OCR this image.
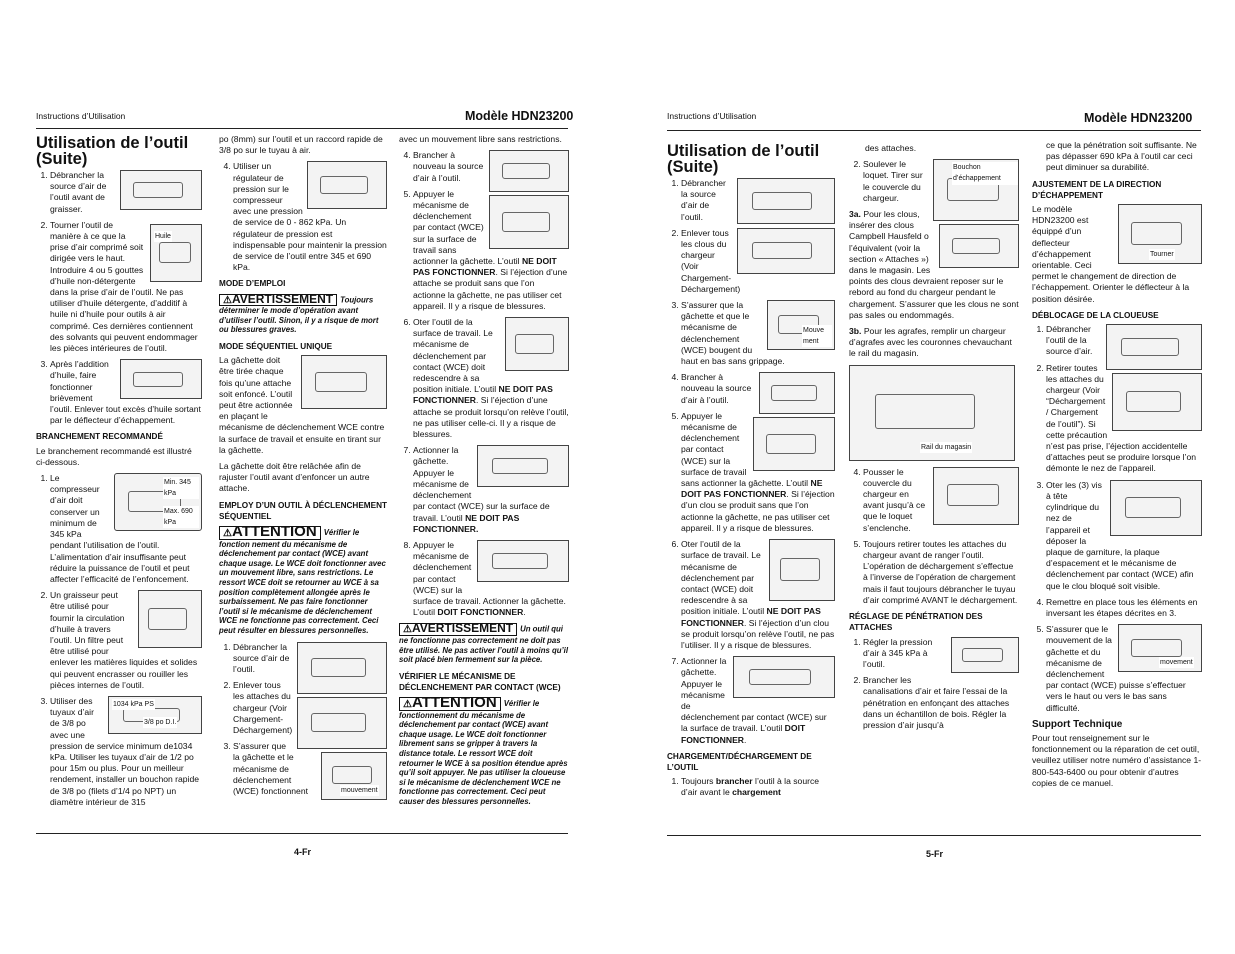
Instructions d’Utilisation	Modèle HDN23200
Utilisation de l’outil
(Suite)
1. Débrancher la source d’air de l’outil avant de graisser.
2. Huile
Tourner l’outil de manière à ce que la prise d’air comprimé soit dirigée vers le haut. Introduire 4 ou 5 gouttes d’huile non-détergente dans la prise d’air de l’outil. Ne pas utiliser d’huile détergente, d’additif à huile ni d’huile pour outils à air comprimé. Ces dernières contiennent des solvants qui peuvent endommager les pièces intérieures de l’outil.
3. Après l’addition d’huile, faire fonctionner brièvement l’outil. Enlever tout excès d’huile sortant par le déflecteur d’échappement.
BRANCHEMENT RECOMMANDÉ

Le branchement recommandé est illustré ci-dessous.

1. Min. 345 kPa
Max. 690 kPa
Le compresseur d’air doit conserver un minimum de 345 kPa pendant l’utilisation de l’outil. L’alimentation d’air insuffisante peut réduire la puissance de l’outil et peut affecter l’efficacité de l’enfoncement.
2. Un graisseur peut être utilisé pour fournir la circulation d’huile à travers l’outil. Un filtre peut être utilisé pour enlever les matières liquides et solides qui peuvent encrasser ou rouiller les pièces internes de l’outil.
3. 1034 kPa PS
3/8 po D.I.
Utiliser des tuyaux d’air de 3/8 po avec une pression de service minimum de1034 kPa. Utiliser les tuyaux d’air de 1/2 po pour 15m ou plus. Pour un meilleur rendement, installer un bouchon rapide de 3/8 po (filets d’1/4 po NPT) un diamètre intérieur de 315

po (8mm) sur l’outil et un raccord rapide de 3/8 po sur le tuyau à air.

4. Utiliser un régulateur de pression sur le compresseur avec une pression de service de 0 - 862 kPa. Un régulateur de pression est indispensable pour maintenir la pression de service de l’outil entre 345 et 690 kPa.
MODE D’EMPLOI
⚠AVERTISSEMENT Toujours déterminer le mode d’opération avant d’utiliser l’outil. Sinon, il y a risque de mort ou blessures graves.
MODE SÉQUENTIEL UNIQUE

La gâchette doit être tirée chaque fois qu’une attache soit enfoncé. L’outil peut être actionnée en plaçant le mécanisme de déclenchement WCE contre la surface de travail et ensuite en tirant sur la gâchette.

La gâchette doit être relâchée afin de rajuster l’outil avant d’enfoncer un autre attache.

EMPLOY D’UN OUTIL À DÉCLENCHEMENT SÉQUENTIEL
⚠ATTENTION Vérifier le fonction nement du mécanisme de déclenchement par contact (WCE) avant chaque usage. Le WCE doit fonctionner avec un mouvement libre, sans restrictions. Le ressort WCE doit se retourner au WCE à sa position complètement allongée après le surbaissement. Ne pas faire fonctionner l’outil si le mécanisme de déclenchement WCE ne fonctionne pas correctement. Ceci peut résulter en blessures personnelles.
1. Débrancher la source d’air de l’outil.
2. Enlever tous les attaches du chargeur (Voir Chargement-Déchargement)
3. mouvement
S’assurer que la gâchette et le mécanisme de déclenchement (WCE) fonctionnent

avec un mouvement libre sans restrictions.

4. Brancher à nouveau la source d’air à l’outil.
5. Appuyer le mécanisme de déclenchement par contact (WCE) sur la surface de travail sans actionner la gâchette. L’outil NE DOIT PAS FONCTIONNER. Si l’éjection d’une attache se produit sans que l’on actionne la gâchette, ne pas utiliser cet appareil. Il y a risque de blessures.
6. Oter l’outil de la surface de travail. Le mécanisme de déclenchement par contact (WCE) doit redescendre à sa position initiale. L’outil NE DOIT PAS FONCTIONNER. Si l’éjection d’une attache se produit lorsqu’on relève l’outil, ne pas utiliser celle-ci. Il y a risque de blessures.
7. Actionner la gâchette. Appuyer le mécanisme de déclenchement par contact (WCE) sur la surface de travail. L’outil NE DOIT PAS FONCTIONNER.
8. Appuyer le mécanisme de déclenchement par contact (WCE) sur la surface de travail. Actionner la gâchette. L’outil DOIT FONCTIONNER.
⚠AVERTISSEMENT Un outil qui ne fonctionne pas correctement ne doit pas être utilisé. Ne pas activer l’outil à moins qu’il soit placé bien fermement sur la pièce.
VÉRIFIER LE MÉCANISME DE DÉCLENCHEMENT PAR CONTACT (WCE)
⚠ATTENTION Vérifier le fonctionnement du mécanisme de déclenchement par contact (WCE) avant chaque usage. Le WCE doit fonctionner librement sans se gripper à travers la distance totale. Le ressort WCE doit retourner le WCE à sa position étendue après qu’il soit appuyer. Ne pas utiliser la cloueuse si le mécanisme de déclenchement WCE ne fonctionne pas correctement. Ceci peut causer des blessures personnelles.
4-Fr
Instructions d’Utilisation	Modèle HDN23200
Utilisation de l’outil
(Suite)
1. Débrancher la source d’air de l’outil.
2. Enlever tous les clous du chargeur (Voir Chargement-Déchargement)
3. Mouve ment
S’assurer que la gâchette et que le mécanisme de déclenchement (WCE) bougent du haut en bas sans grippage.
4. Brancher à nouveau la source d’air à l’outil.
5. Appuyer le mécanisme de déclenchement par contact (WCE) sur la surface de travail sans actionner la gâchette. L’outil NE DOIT PAS FONCTIONNER. Si l’éjection d’un clou se produit sans que l’on actionne la gâchette, ne pas utiliser cet appareil. Il y a risque de blessures.
6. Oter l’outil de la surface de travail. Le mécanisme de déclenchement par contact (WCE) doit redescendre à sa position initiale. L’outil NE DOIT PAS FONCTIONNER. Si l’éjection d’un clou se produit lorsqu’on relève l’outil, ne pas l’utiliser. Il y a risque de blessures.
7. Actionner la gâchette. Appuyer le mécanisme de déclenchement par contact (WCE) sur la surface de travail. L’outil DOIT FONCTIONNER.
CHARGEMENT/DÉCHARGEMENT DE L’OUTIL
1. Toujours brancher l’outil à la source d’air avant le chargement

des attaches.

2. Bouchon d’échappement
Soulever le loquet. Tirer sur le couvercle du chargeur.
3a. Pour les clous, insérer des clous Campbell Hausfeld o l’équivalent (voir la section « Attaches ») dans le magasin. Les points des clous devraient reposer sur le rebord au fond du chargeur pendant le chargement. S’assurer que les clous ne sont pas sales ou endommagés.
3b. Pour les agrafes, remplir un chargeur d’agrafes avec les couronnes chevauchant le rail du magasin.
Rail du magasin
4. Pousser le couvercle du chargeur en avant jusqu’à ce que le loquet s’enclenche.
5. Toujours retirer toutes les attaches du chargeur avant de ranger l’outil. L’opération de déchargement s’effectue à l’inverse de l’opération de chargement mais il faut toujours débrancher le tuyau d’air comprimé AVANT le déchargement.
RÉGLAGE DE PÉNÉTRATION DES ATTACHES
1. Régler la pression d’air à 345 kPa à l’outil.
2. Brancher les canalisations d’air et faire l’essai de la pénétration en enfonçant des attaches dans un échantillon de bois. Régler la pression d’air jusqu’à

ce que la pénétration soit suffisante. Ne pas dépasser 690 kPa à l’outil car ceci peut diminuer sa durabilité.

AJUSTEMENT DE LA DIRECTION D’ÉCHAPPEMENT
Tourner

Le modèle HDN23200 est équippé d’un deflecteur d’échappement orientable. Ceci permet le changement de direction de l’échappement. Orienter le déflecteur à la position désirée.

DÉBLOCAGE DE LA CLOUEUSE
1. Débrancher l’outil de la source d’air.
2. Retirer toutes les attaches du chargeur (Voir “Déchargement / Chargement de l’outil”). Si cette précaution n’est pas prise, l’éjection accidentelle d’attaches peut se produire lorsque l’on démonte le nez de l’appareil.
3. Oter les (3) vis à tête cylindrique du nez de l’appareil et déposer la plaque de garniture, la plaque d’espacement et le mécanisme de déclenchement par contact (WCE) afin que le clou bloqué soit visible.
4. Remettre en place tous les éléments en inversant les étapes décrites en 3.
5. movement
S’assurer que le mouvement de la gâchette et du mécanisme de déclenchement par contact (WCE) puisse s’effectuer vers le haut ou vers le bas sans difficulté.
Support Technique

Pour tout renseignement sur le fonctionnement ou la réparation de cet outil, veuillez utiliser notre numéro d’assistance 1-800-543-6400 ou pour obtenir d’autres copies de ce manuel.

5-Fr
